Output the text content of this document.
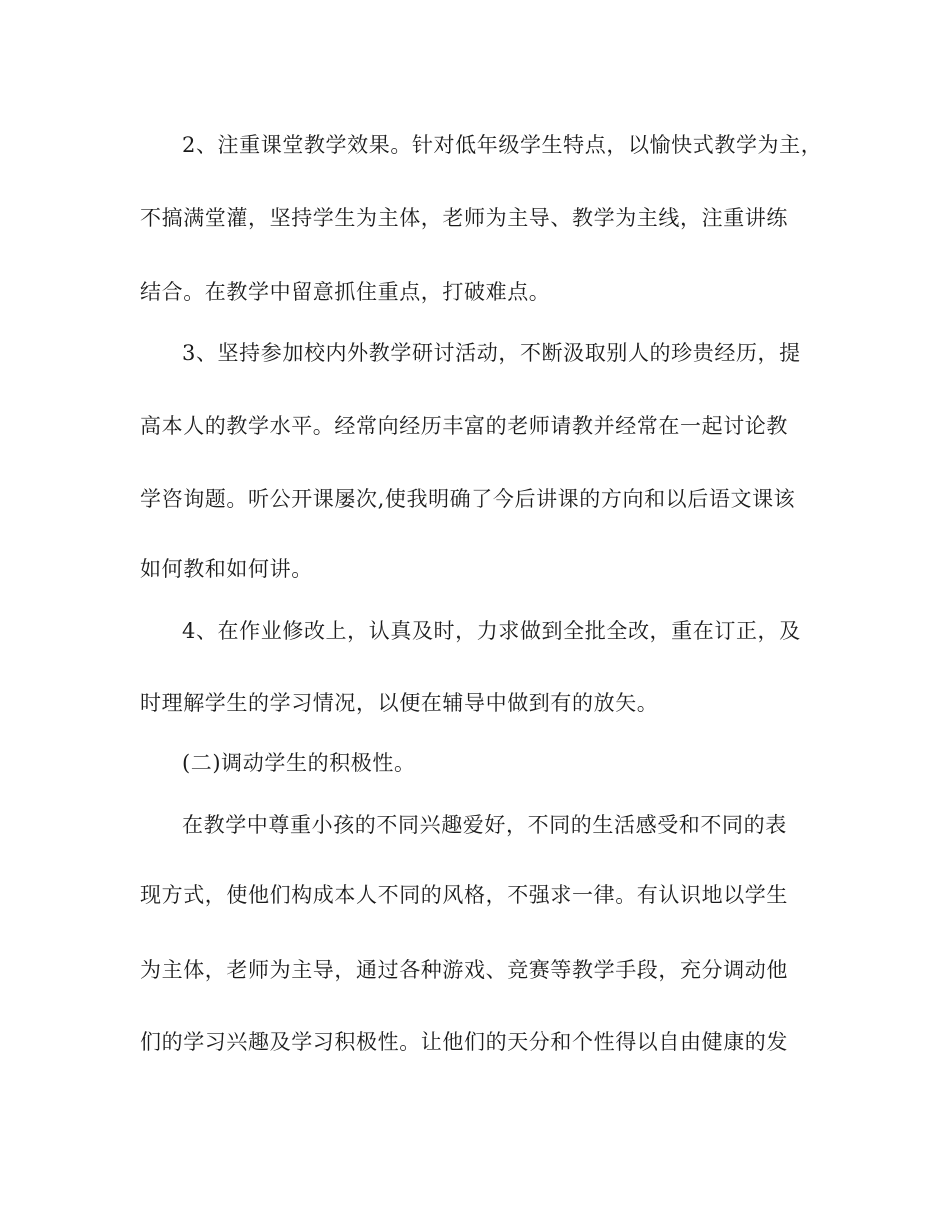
2、注重课堂教学效果。针对低年级学生特点，以愉快式教学为主，
不搞满堂灌，坚持学生为主体，老师为主导、教学为主线，注重讲练
结合。在教学中留意抓住重点，打破难点。
3、坚持参加校内外教学研讨活动，不断汲取别人的珍贵经历，提
高本人的教学水平。经常向经历丰富的老师请教并经常在一起讨论教
学咨询题。听公开课屡次,使我明确了今后讲课的方向和以后语文课该
如何教和如何讲。
4、在作业修改上，认真及时，力求做到全批全改，重在订正，及
时理解学生的学习情况，以便在辅导中做到有的放矢。
(二)调动学生的积极性。
在教学中尊重小孩的不同兴趣爱好，不同的生活感受和不同的表
现方式，使他们构成本人不同的风格，不强求一律。有认识地以学生
为主体，老师为主导，通过各种游戏、竞赛等教学手段，充分调动他
们的学习兴趣及学习积极性。让他们的天分和个性得以自由健康的发
